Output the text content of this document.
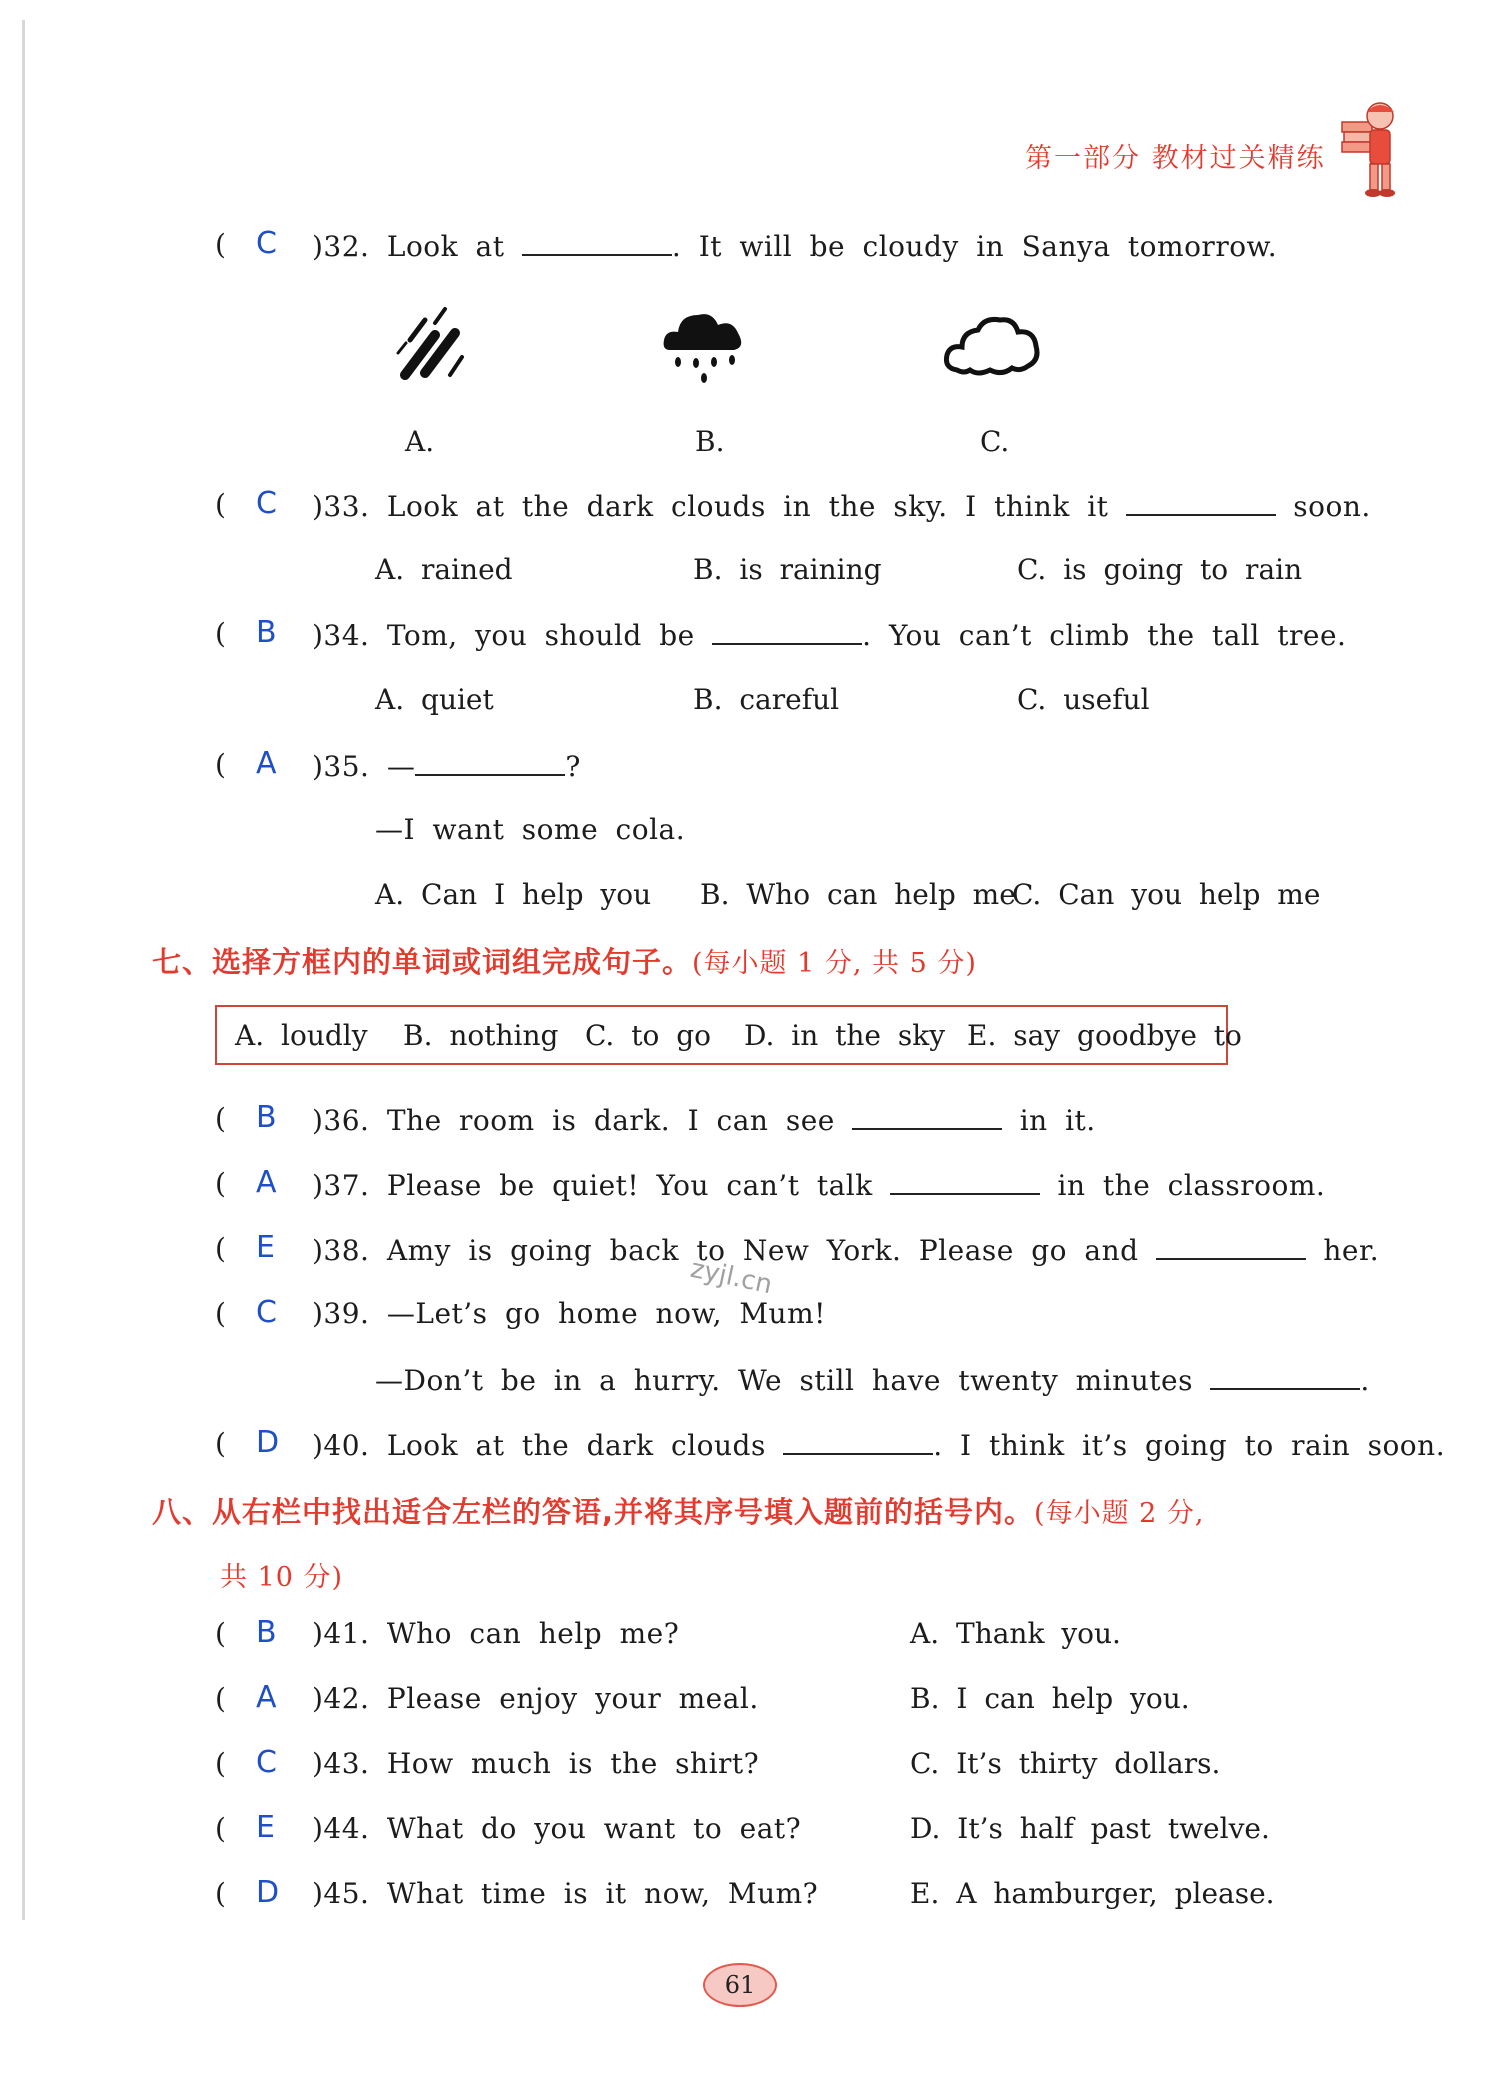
第一部分 教材过关精练
( C )32. Look at	. It will be cloudy in Sanya tomorrow.
A.	B.	C.
( C )33. Look at the dark clouds in the sky. I think it	soon.
A. rained	B. is raining	C. is going to rain
( B )34. Tom, you should be	. You can’t climb the tall tree.
A. quiet	B. careful	C. useful
( A )35. —	?
—I want some cola.
A. Can I help you B. Who can help me
C. Can you help me
七、选择方框内的单词或词组完成句子。(每小题 1 分, 共 5 分)
A. loudly B. nothing C. to go D. in the sky E. say goodbye to
( B )36. The room is dark. I can see	in it.
( A )37. Please be quiet! You can’t talk	in the classroom.
( E )38. Amy is going back to New York. Please go and	her.
( C )39. —Let’s go home now, Mum!
zyjl.cn
—Don’t be in a hurry. We still have twenty minutes	.
( D )40. Look at the dark clouds	. I think it’s going to rain soon.
八、从右栏中找出适合左栏的答语,并将其序号填入题前的括号内。(每小题 2 分,
共 10 分)
( B )41. Who can help me?	A. Thank you.
( A )42. Please enjoy your meal.	B. I can help you.
( C )43. How much is the shirt?	C. It’s thirty dollars.
( E )44. What do you want to eat?	D. It’s half past twelve.
( D )45. What time is it now, Mum?	E. A hamburger, please.
61
